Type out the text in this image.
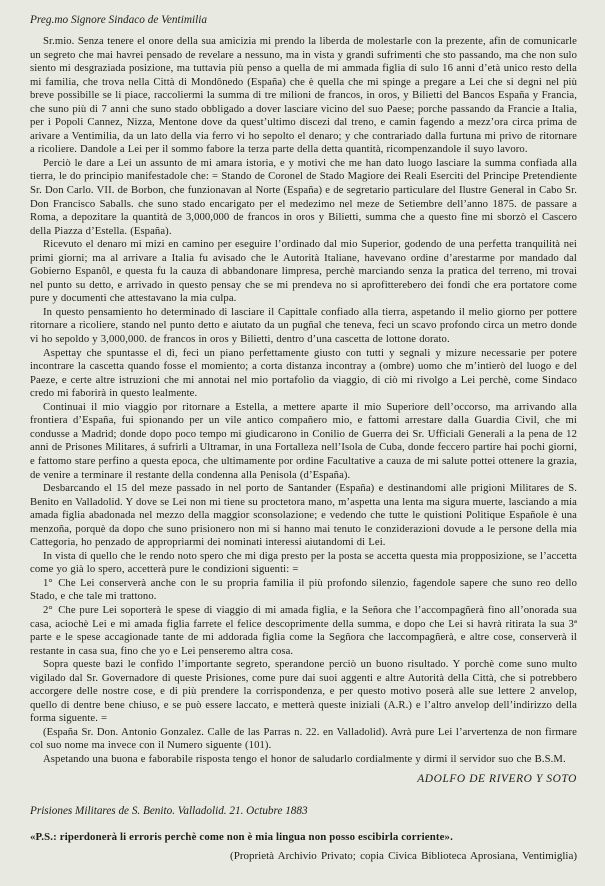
Preg.mo Signore Sindaco de Ventimilia

Sr.mio. Senza tenere el onore della sua amicizia mi prendo la liberda de molestarle con la prezente, afin de comunicarle un segreto che mai havrei pensado de revelare a nessuno, ma in vista y grandi sufrimenti che sto passando, ma che non sulo siento mi desgraziada posizione, ma tuttavia più penso a quella de mi ammada figlia di sulo 16 anni d’età unico resto della mi familia, che trova nella Città di Mondônedo (España) che è quella che mi spinge a pregare a Lei che si degni nel più breve possibille se li piace, raccoliermi la summa di tre milioni de francos, in oros, y Bilietti del Bancos España y Francia, che suno più di 7 anni che suno stado obbligado a dover lasciare vicino del suo Paese; porche passando da Francie a Italia, per i Popoli Cannez, Nizza, Mentone dove da quest’ultimo discezi dal treno, e camin fagendo a mezz’ora circa prima de arivare a Ventimilia, da un lato della via ferro vi ho sepolto el denaro; y che contrariado dalla furtuna mi privo de ritornare a ricoliere. Dandole a Lei per il sommo fabore la terza parte della detta quantità, ricompenzandole il suyo lavoro.

Perciò le dare a Lei un assunto de mi amara istoria, e y motivi che me han dato luogo lasciare la summa confiada alla tierra, le do principio manifestadole che: = Stando de Coronel de Stado Magiore dei Reali Eserciti del Principe Pretendiente Sr. Don Carlo. VII. de Borbon, che funzionavan al Norte (España) e de segretario particulare del Ilustre General in Cabo Sr. Don Francisco Saballs. che suno stado encarigato per el medezimo nel meze de Setiembre dell’anno 1875. de passare a Roma, a depozitare la quantità de 3,000,000 de francos in oros y Bilietti, summa che a questo fine mi sborzò el Cascero della Piazza d’Estella. (España).

Ricevuto el denaro mi mizi en camino per eseguire l’ordinado dal mio Superior, godendo de una perfetta tranquilità nei primi giorni; ma al arrivare a Italia fu avisado che le Autorità Italiane, havevano ordine d’arestarme por mandado dal Gobierno Espanôl, e questa fu la cauza di abbandonare limpresa, perchè marciando senza la pratica del terreno, mi trovai nel punto su detto, e arrivado in questo pensay che se mi prendeva no si aprofitterebero dei fondi che era portatore come pure y documenti che attestavano la mia culpa.

In questo pensamiento ho determinado di lasciare il Capittale confiado alla tierra, aspetando il melio giorno per pottere ritornare a ricoliere, stando nel punto detto e aiutato da un pugñal che teneva, feci un scavo profondo circa un metro donde vi ho sepoldo y 3,000,000. de francos in oros y Bilietti, dentro d’una cascetta de lottone dorato.

Aspettay che spuntasse el dì, feci un piano perfettamente giusto con tutti y segnali y mizure necessarie per potere incontrare la cascetta quando fosse el momiento; a corta distanza incontray a (ombre) uomo che m’intierò del luogo e del Paeze, e certe altre istruzioni che mi annotai nel mio portafolio da viaggio, di ciò mi rivolgo a Lei perchè, come Sindaco credo mi faborirà in questo lealmente.

Continuai il mio viaggio por ritornare a Estella, a mettere aparte il mio Superiore dell’occorso, ma arrivando alla frontiera d’España, fui spionando per un vile antico compañero mio, e fattomi arrestare dalla Guardia Civil, che mi condusse a Madrid; donde dopo poco tempo mi giudicarono in Conilio de Guerra dei Sr. Ufficiali Generali a la pena de 12 anni de Prisones Militares, á sufrirli a Ultramar, in una Fortalleza nell’Isola de Cuba, donde feccero partire hai pochi giorni, e fattomo stare perfino a questa epoca, che ultimamente por ordine Facultative a cauza de mi salute pottei ottenere la grazia, de venire a terminare il restante della condenna alla Penisola (d’España).

Desbarcando el 15 del meze passado in nel porto de Santander (España) e destinandomi alle prigioni Militares de S. Benito en Valladolid. Y dove se Lei non mi tiene su proctetora mano, m’aspetta una lenta ma sigura muerte, lasciando a mia amada figlia abadonada nel mezzo della maggior sconsolazione; e vedendo che tutte le quistioni Politique Españole è una menzoña, porquè da dopo che suno prisionero non mi si hanno mai tenuto le conziderazioni dovude a le persone della mia Cattegoria, ho penzado de appropriarmi dei nominati interessi aiutandomi di Lei.

In vista di quello che le rendo noto spero che mi diga presto per la posta se accetta questa mia propposizione, se l’accetta come yo già lo spero, accetterà pure le condizioni siguenti: =

1° Che Lei conserverà anche con le su propria familia il più profondo silenzio, fagendole sapere che suno reo dello Stado, e che tale mi trattono.

2° Che pure Lei soporterà le spese di viaggio di mi amada figlia, e la Señora che l’accompagñerà fino all’onorada sua casa, aciochè Lei e mi amada figlia farrete el felice descoprimente della summa, e dopo che Lei si havrà ritirata la sua 3ª parte e le spese accagionade tante de mi addorada figlia come la Segñora che laccompagñerà, e altre cose, conserverà il restante in casa sua, fino che yo e Lei penseremo altra cosa.

Sopra queste bazi le confido l’importante segreto, sperandone perciò un buono risultado. Y porchè come suno multo vigilado dal Sr. Governadore di queste Prisiones, come pure dai suoi aggenti e altre Autorità della Città, che si potrebbero accorgere delle nostre cose, e di più prendere la corrispondenza, e per questo motivo poserà alle sue lettere 2 anvelop, quello di dentre bene chiuso, e se può essere laccato, e metterà queste iniziali (A.R.) e l’altro anvelop dell’indirizzo della forma siguente. =

(España Sr. Don. Antonio Gonzalez. Calle de las Parras n. 22. en Valladolid). Avrà pure Lei l’arvertenza de non firmare col suo nome ma invece con il Numero siguente (101).

Aspetando una buona e faborabile risposta tengo el honor de saludarlo cordialmente y dirmi il servidor suo che B.S.M.

ADOLFO DE RIVERO Y SOTO
Prisiones Militares de S. Benito. Valladolid. 21. Octubre 1883
«P.S.: riperdonerà li erroris perchè come non è mia lingua non posso escibirla corriente».
(Proprietà Archivio Privato; copia Civica Biblioteca Aprosiana, Ventimiglia)
